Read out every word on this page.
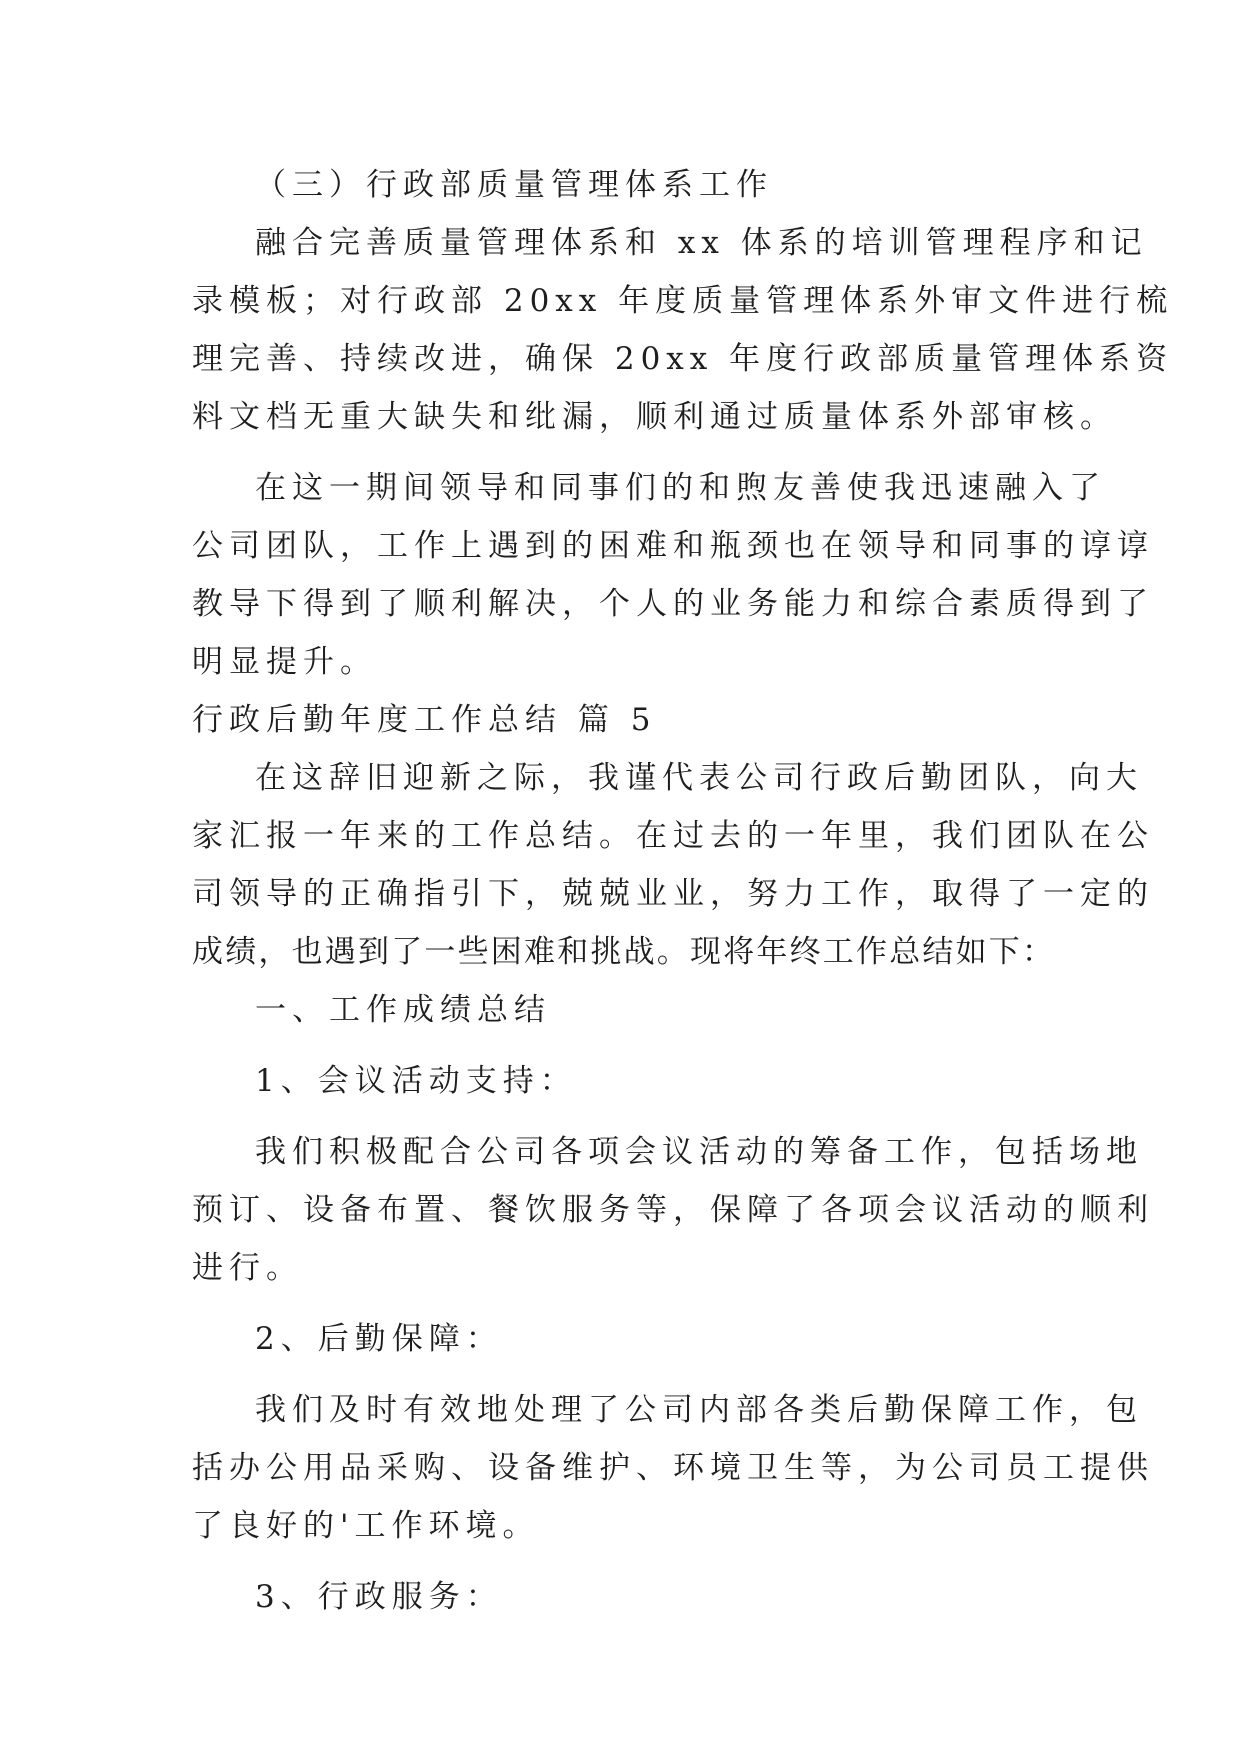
（三）行政部质量管理体系工作
融合完善质量管理体系和 xx 体系的培训管理程序和记
录模板；对行政部 20xx 年度质量管理体系外审文件进行梳
理完善、持续改进，确保 20xx 年度行政部质量管理体系资
料文档无重大缺失和纰漏，顺利通过质量体系外部审核。
在这一期间领导和同事们的和煦友善使我迅速融入了
公司团队，工作上遇到的困难和瓶颈也在领导和同事的谆谆
教导下得到了顺利解决，个人的业务能力和综合素质得到了
明显提升。
行政后勤年度工作总结 篇 5
在这辞旧迎新之际，我谨代表公司行政后勤团队，向大
家汇报一年来的工作总结。在过去的一年里，我们团队在公
司领导的正确指引下，兢兢业业，努力工作，取得了一定的
成绩，也遇到了一些困难和挑战。现将年终工作总结如下：
一、工作成绩总结
1、会议活动支持：
我们积极配合公司各项会议活动的筹备工作，包括场地
预订、设备布置、餐饮服务等，保障了各项会议活动的顺利
进行。
2、后勤保障：
我们及时有效地处理了公司内部各类后勤保障工作，包
括办公用品采购、设备维护、环境卫生等，为公司员工提供
了良好的'工作环境。
3、行政服务：
